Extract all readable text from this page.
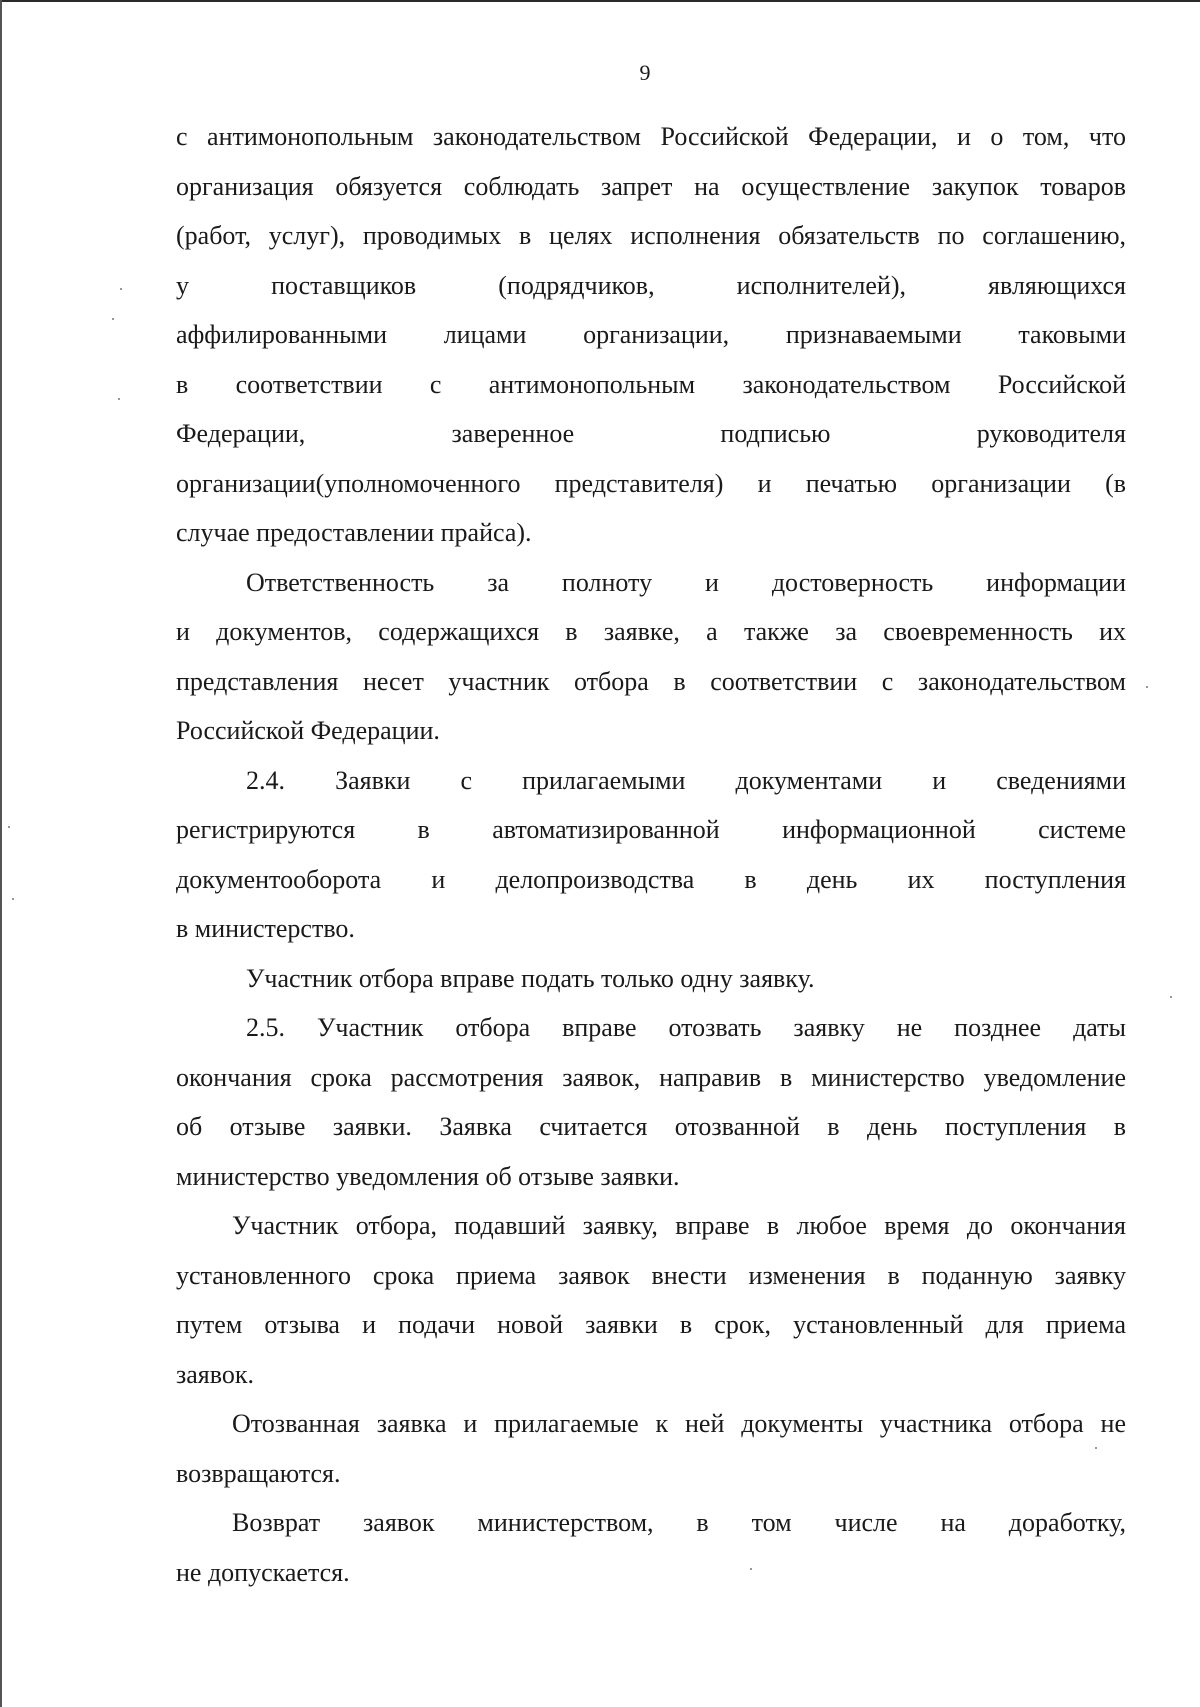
9
с антимонопольным законодательством Российской Федерации, и о том, что
организация обязуется соблюдать запрет на осуществление закупок товаров
(работ, услуг), проводимых в целях исполнения обязательств по соглашению,
у поставщиков (подрядчиков, исполнителей), являющихся
аффилированными лицами организации, признаваемыми таковыми
в соответствии с антимонопольным законодательством Российской
Федерации, заверенное подписью руководителя
организации(уполномоченного представителя) и печатью организации (в
случае предоставлении прайса).
Ответственность за полноту и достоверность информации
и документов, содержащихся в заявке, а также за своевременность их
представления несет участник отбора в соответствии с законодательством
Российской Федерации.
2.4. Заявки с прилагаемыми документами и сведениями
регистрируются в автоматизированной информационной системе
документооборота и делопроизводства в день их поступления
в министерство.
Участник отбора вправе подать только одну заявку.
2.5. Участник отбора вправе отозвать заявку не позднее даты
окончания срока рассмотрения заявок, направив в министерство уведомление
об отзыве заявки. Заявка считается отозванной в день поступления в
министерство уведомления об отзыве заявки.
Участник отбора, подавший заявку, вправе в любое время до окончания
установленного срока приема заявок внести изменения в поданную заявку
путем отзыва и подачи новой заявки в срок, установленный для приема
заявок.
Отозванная заявка и прилагаемые к ней документы участника отбора не
возвращаются.
Возврат заявок министерством, в том числе на доработку,
не допускается.
